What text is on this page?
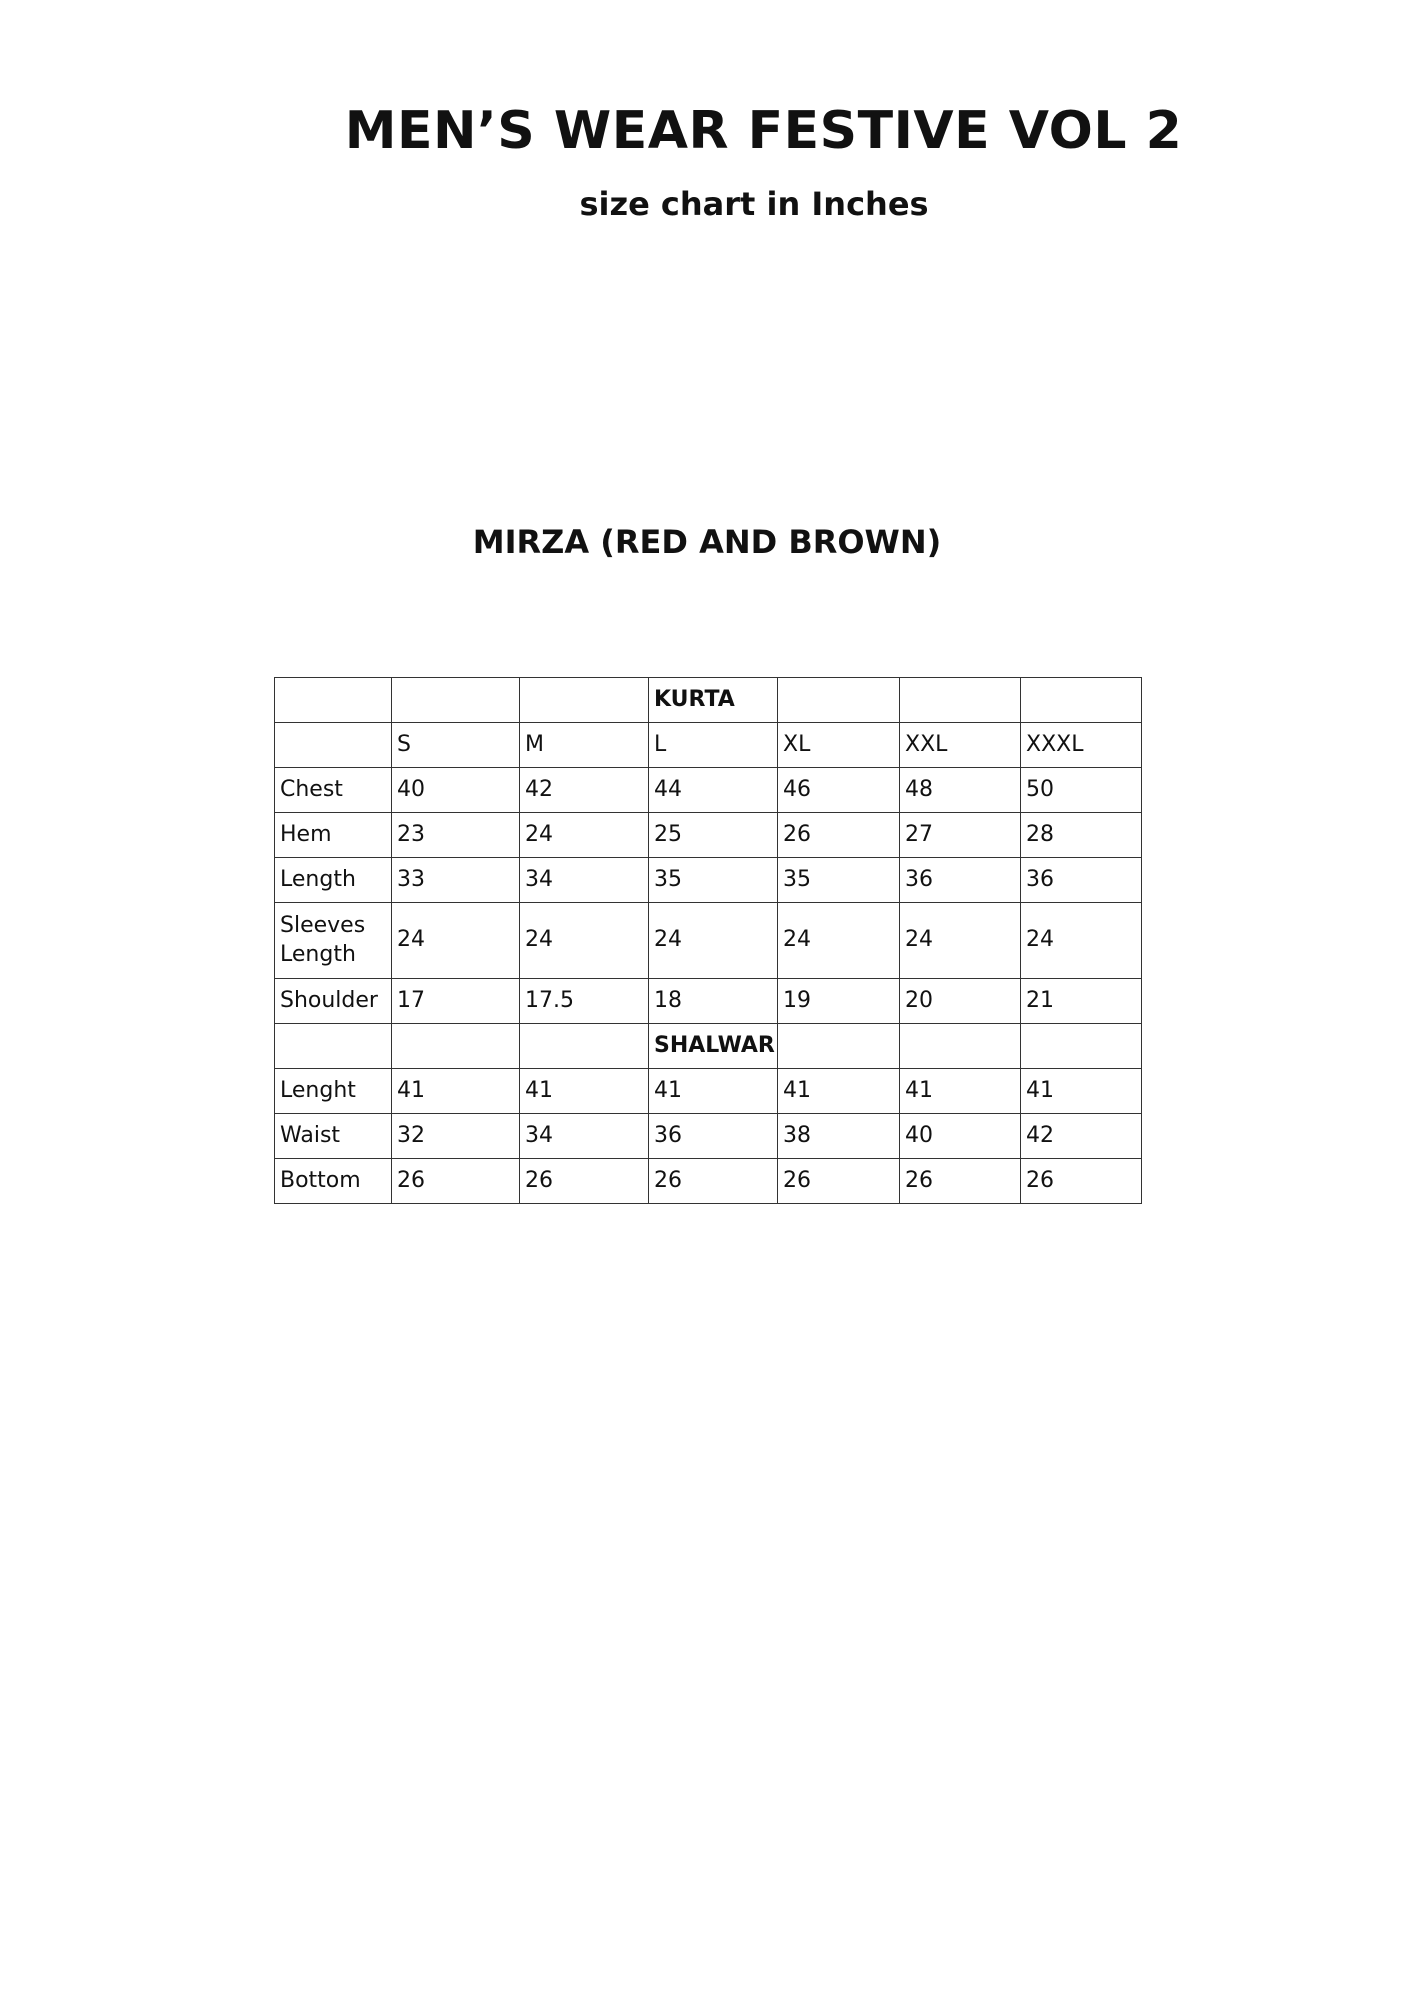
MEN’S WEAR FESTIVE VOL 2
size chart in Inches
MIRZA (RED AND BROWN)
			KURTA			
	S	M	L	XL	XXL	XXXL
Chest	40	42	44	46	48	50
Hem	23	24	25	26	27	28
Length	33	34	35	35	36	36
Sleeves Length	24	24	24	24	24	24
Shoulder	17	17.5	18	19	20	21
			SHALWAR			
Lenght	41	41	41	41	41	41
Waist	32	34	36	38	40	42
Bottom	26	26	26	26	26	26
